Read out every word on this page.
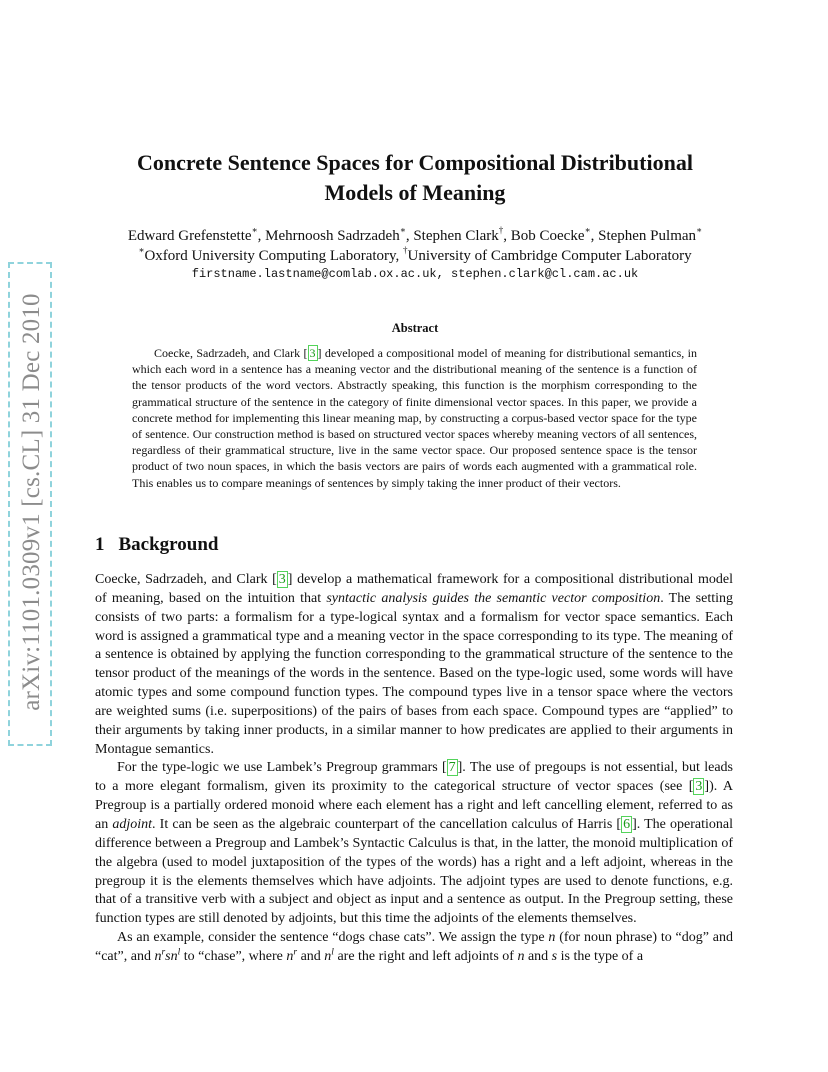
arXiv:1101.0309v1 [cs.CL] 31 Dec 2010
Concrete Sentence Spaces for Compositional Distributional
Models of Meaning
Edward Grefenstette∗, Mehrnoosh Sadrzadeh∗, Stephen Clark†, Bob Coecke∗, Stephen Pulman∗
∗Oxford University Computing Laboratory, †University of Cambridge Computer Laboratory
firstname.lastname@comlab.ox.ac.uk, stephen.clark@cl.cam.ac.uk
Abstract

Coecke, Sadrzadeh, and Clark [ 3 ] developed a compositional model of meaning for distributional semantics, in which each word in a sentence has a meaning vector and the distributional meaning of the sentence is a function of the tensor products of the word vectors. Abstractly speaking, this function is the morphism corresponding to the grammatical structure of the sentence in the category of finite dimensional vector spaces. In this paper, we provide a concrete method for implementing this linear meaning map, by constructing a corpus-based vector space for the type of sentence. Our construction method is based on structured vector spaces whereby meaning vectors of all sentences, regardless of their grammatical structure, live in the same vector space. Our proposed sentence space is the tensor product of two noun spaces, in which the basis vectors are pairs of words each augmented with a grammatical role. This enables us to compare meanings of sentences by simply taking the inner product of their vectors.

1 Background

Coecke, Sadrzadeh, and Clark [ 3 ] develop a mathematical framework for a compositional distributional model of meaning, based on the intuition that syntactic analysis guides the semantic vector composition. The setting consists of two parts: a formalism for a type-logical syntax and a formalism for vector space semantics. Each word is assigned a grammatical type and a meaning vector in the space corresponding to its type. The meaning of a sentence is obtained by applying the function corresponding to the grammatical structure of the sentence to the tensor product of the meanings of the words in the sentence. Based on the type-logic used, some words will have atomic types and some compound function types. The compound types live in a tensor space where the vectors are weighted sums (i.e. superpositions) of the pairs of bases from each space. Compound types are “applied” to their arguments by taking inner products, in a similar manner to how predicates are applied to their arguments in Montague semantics.

For the type-logic we use Lambek’s Pregroup grammars [ 7 ]. The use of pregoups is not essential, but leads to a more elegant formalism, given its proximity to the categorical structure of vector spaces (see [ 3 ]). A Pregroup is a partially ordered monoid where each element has a right and left cancelling element, referred to as an adjoint. It can be seen as the algebraic counterpart of the cancellation calculus of Harris [ 6 ]. The operational difference between a Pregroup and Lambek’s Syntactic Calculus is that, in the latter, the monoid multiplication of the algebra (used to model juxtaposition of the types of the words) has a right and a left adjoint, whereas in the pregroup it is the elements themselves which have adjoints. The adjoint types are used to denote functions, e.g. that of a transitive verb with a subject and object as input and a sentence as output. In the Pregroup setting, these function types are still denoted by adjoints, but this time the adjoints of the elements themselves.

As an example, consider the sentence “dogs chase cats”. We assign the type n (for noun phrase) to “dog” and “cat”, and $n^rsn^l$ to “chase”, where $n^r$ and $n^l$ are the right and left adjoints of n and s is the type of a
